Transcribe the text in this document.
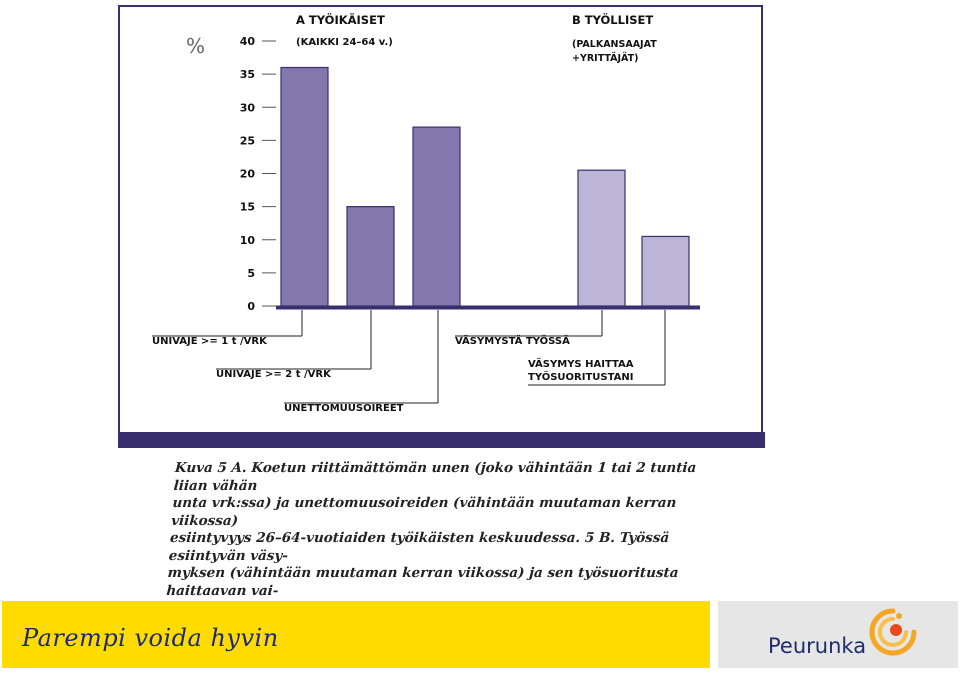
%
A TYÖIKÄISET
(KAIKKI 24–64 v.)
B TYÖLLISET
(PALKANSAAJAT
+YRITTÄJÄT)
0
5
10
15
20
25
30
35
40
UNIVAJE >= 1 t /VRK
UNIVAJE >= 2 t /VRK
UNETTOMUUSOIREET
VÄSYMYSTÄ TYÖSSÄ
VÄSYMYS HAITTAA
TYÖSUORITUSTANI
Kuva 5 A. Koetun riittämättömän unen (joko vähintään 1 tai 2 tuntia liian vähän
unta vrk:ssa) ja unettomuusoireiden (vähintään muutaman kerran viikossa)
esiintyvyys 26–64-vuotiaiden työikäisten keskuudessa. 5 B. Työssä esiintyvän väsy-
myksen (vähintään muutaman kerran viikossa) ja sen työsuoritusta haittaavan vai-
Parempi voida hyvin	Peurunka
